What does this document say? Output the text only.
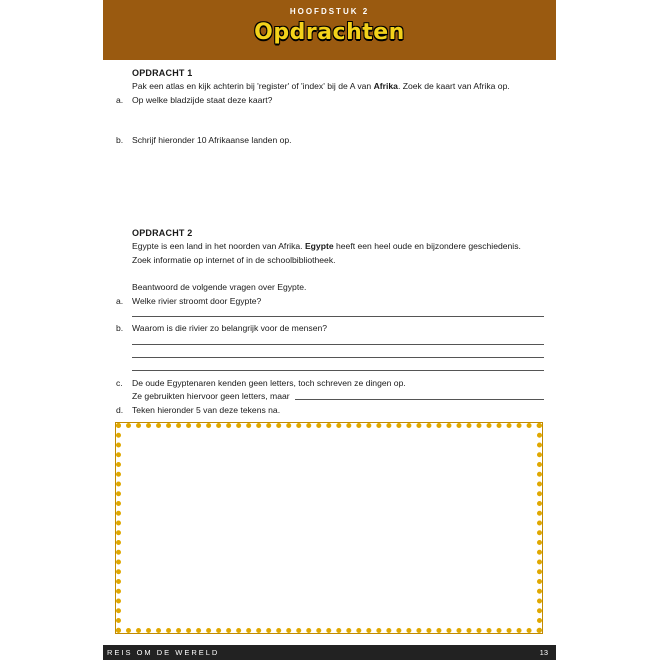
HOOFDSTUK 2
Opdrachten
OPDRACHT 1
Pak een atlas en kijk achterin bij 'register' of 'index' bij de A van Afrika. Zoek de kaart van Afrika op.
a. Op welke bladzijde staat deze kaart?
b. Schrijf hieronder 10 Afrikaanse landen op.
OPDRACHT 2
Egypte is een land in het noorden van Afrika. Egypte heeft een heel oude en bijzondere geschiedenis.
Zoek informatie op internet of in de schoolbibliotheek.
Beantwoord de volgende vragen over Egypte.
a. Welke rivier stroomt door Egypte?
b. Waarom is die rivier zo belangrijk voor de mensen?
c. De oude Egyptenaren kenden geen letters, toch schreven ze dingen op.
Ze gebruikten hiervoor geen letters, maar
d. Teken hieronder 5 van deze tekens na.
REIS OM DE WERELD	13
